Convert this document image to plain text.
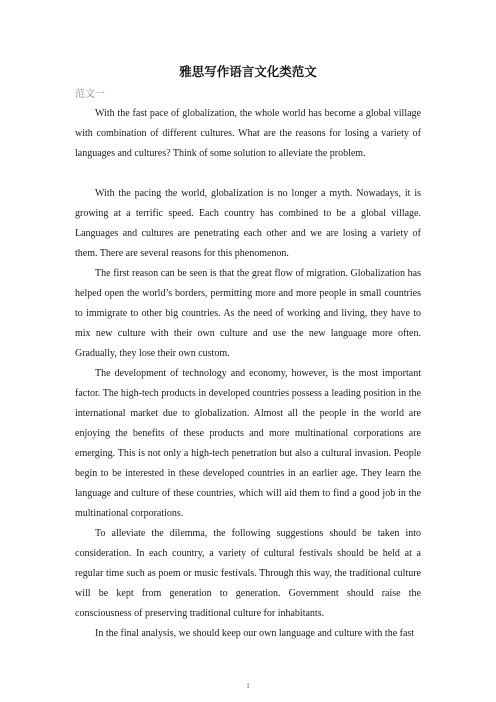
雅思写作语言文化类范文
范文一

With the fast pace of globalization, the whole world has become a global village with combination of different cultures. What are the reasons for losing a variety of languages and cultures? Think of some solution to alleviate the problem.

With the pacing the world, globalization is no longer a myth. Nowadays, it is growing at a terrific speed. Each country has combined to be a global village. Languages and cultures are penetrating each other and we are losing a variety of them. There are several reasons for this phenomenon.

The first reason can be seen is that the great flow of migration. Globalization has helped open the world’s borders, permitting more and more people in small countries to immigrate to other big countries. As the need of working and living, they have to mix new culture with their own culture and use the new language more often. Gradually, they lose their own custom.

The development of technology and economy, however, is the most important factor. The high-tech products in developed countries possess a leading position in the international market due to globalization. Almost all the people in the world are enjoying the benefits of these products and more multinational corporations are emerging. This is not only a high-tech penetration but also a cultural invasion. People begin to be interested in these developed countries in an earlier age. They learn the language and culture of these countries, which will aid them to find a good job in the multinational corporations.

To alleviate the dilemma, the following suggestions should be taken into consideration. In each country, a variety of cultural festivals should be held at a regular time such as poem or music festivals. Through this way, the traditional culture will be kept from generation to generation. Government should raise the consciousness of preserving traditional culture for inhabitants.

In the final analysis, we should keep our own language and culture with the fast

1
